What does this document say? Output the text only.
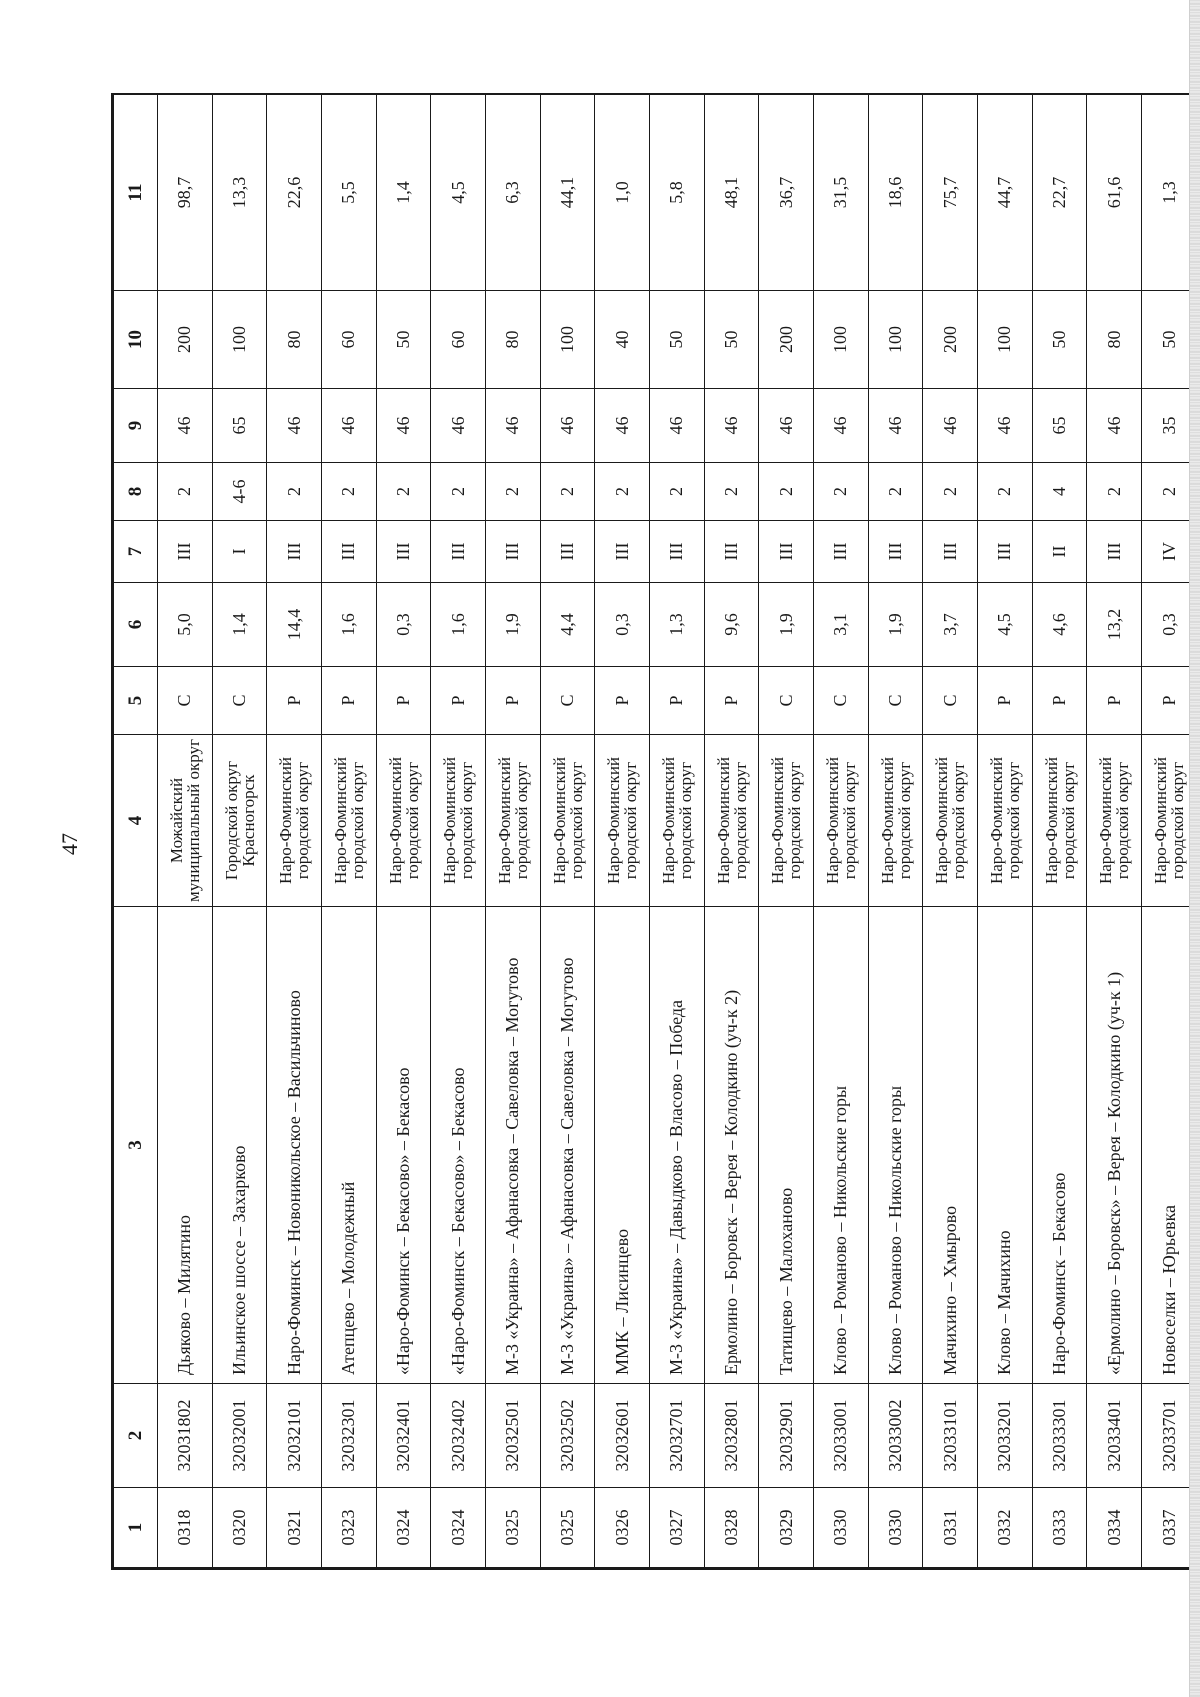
47
1	2	3	4	5	6	7	8	9	10	11
0318	32031802	Дьяково – Милятино	Можайский муниципальный округ	С	5,0	III	2	46	200	98,7
0320	32032001	Ильинское шоссе – Захарково	Городской округ Красногорск	С	1,4	I	4-6	65	100	13,3
0321	32032101	Наро-Фоминск – Новоникольское – Васильчиново	Наро-Фоминский городской округ	Р	14,4	III	2	46	80	22,6
0323	32032301	Атепцево – Молодежный	Наро-Фоминский городской округ	Р	1,6	III	2	46	60	5,5
0324	32032401	«Наро-Фоминск – Бекасово» – Бекасово	Наро-Фоминский городской округ	Р	0,3	III	2	46	50	1,4
0324	32032402	«Наро-Фоминск – Бекасово» – Бекасово	Наро-Фоминский городской округ	Р	1,6	III	2	46	60	4,5
0325	32032501	М-3 «Украина» – Афанасовка – Савеловка – Могутово	Наро-Фоминский городской округ	Р	1,9	III	2	46	80	6,3
0325	32032502	М-3 «Украина» – Афанасовка – Савеловка – Могутово	Наро-Фоминский городской округ	С	4,4	III	2	46	100	44,1
0326	32032601	ММК – Лисинцево	Наро-Фоминский городской округ	Р	0,3	III	2	46	40	1,0
0327	32032701	М-3 «Украина» – Давыдково – Власово – Победа	Наро-Фоминский городской округ	Р	1,3	III	2	46	50	5,8
0328	32032801	Ермолино – Боровск – Верея – Колодкино (уч-к 2)	Наро-Фоминский городской округ	Р	9,6	III	2	46	50	48,1
0329	32032901	Татищево – Малоханово	Наро-Фоминский городской округ	С	1,9	III	2	46	200	36,7
0330	32033001	Клово – Романово – Никольские горы	Наро-Фоминский городской округ	С	3,1	III	2	46	100	31,5
0330	32033002	Клово – Романово – Никольские горы	Наро-Фоминский городской округ	С	1,9	III	2	46	100	18,6
0331	32033101	Мачихино – Хмырово	Наро-Фоминский городской округ	С	3,7	III	2	46	200	75,7
0332	32033201	Клово – Мачихино	Наро-Фоминский городской округ	Р	4,5	III	2	46	100	44,7
0333	32033301	Наро-Фоминск – Бекасово	Наро-Фоминский городской округ	Р	4,6	II	4	65	50	22,7
0334	32033401	«Ермолино – Боровск» – Верея – Колодкино (уч-к 1)	Наро-Фоминский городской округ	Р	13,2	III	2	46	80	61,6
0337	32033701	Новоселки – Юрьевка	Наро-Фоминский городской округ	Р	0,3	IV	2	35	50	1,3
